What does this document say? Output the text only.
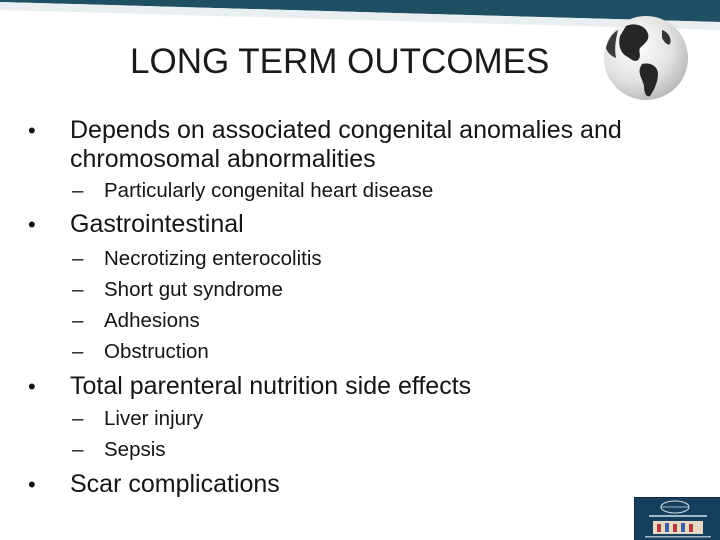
LONG TERM OUTCOMES
• Depends on associated congenital anomalies and chromosomal abnormalities
– Particularly congenital heart disease
• Gastrointestinal
– Necrotizing enterocolitis
– Short gut syndrome
– Adhesions
– Obstruction
• Total parenteral nutrition side effects
– Liver injury
– Sepsis
• Scar complications
